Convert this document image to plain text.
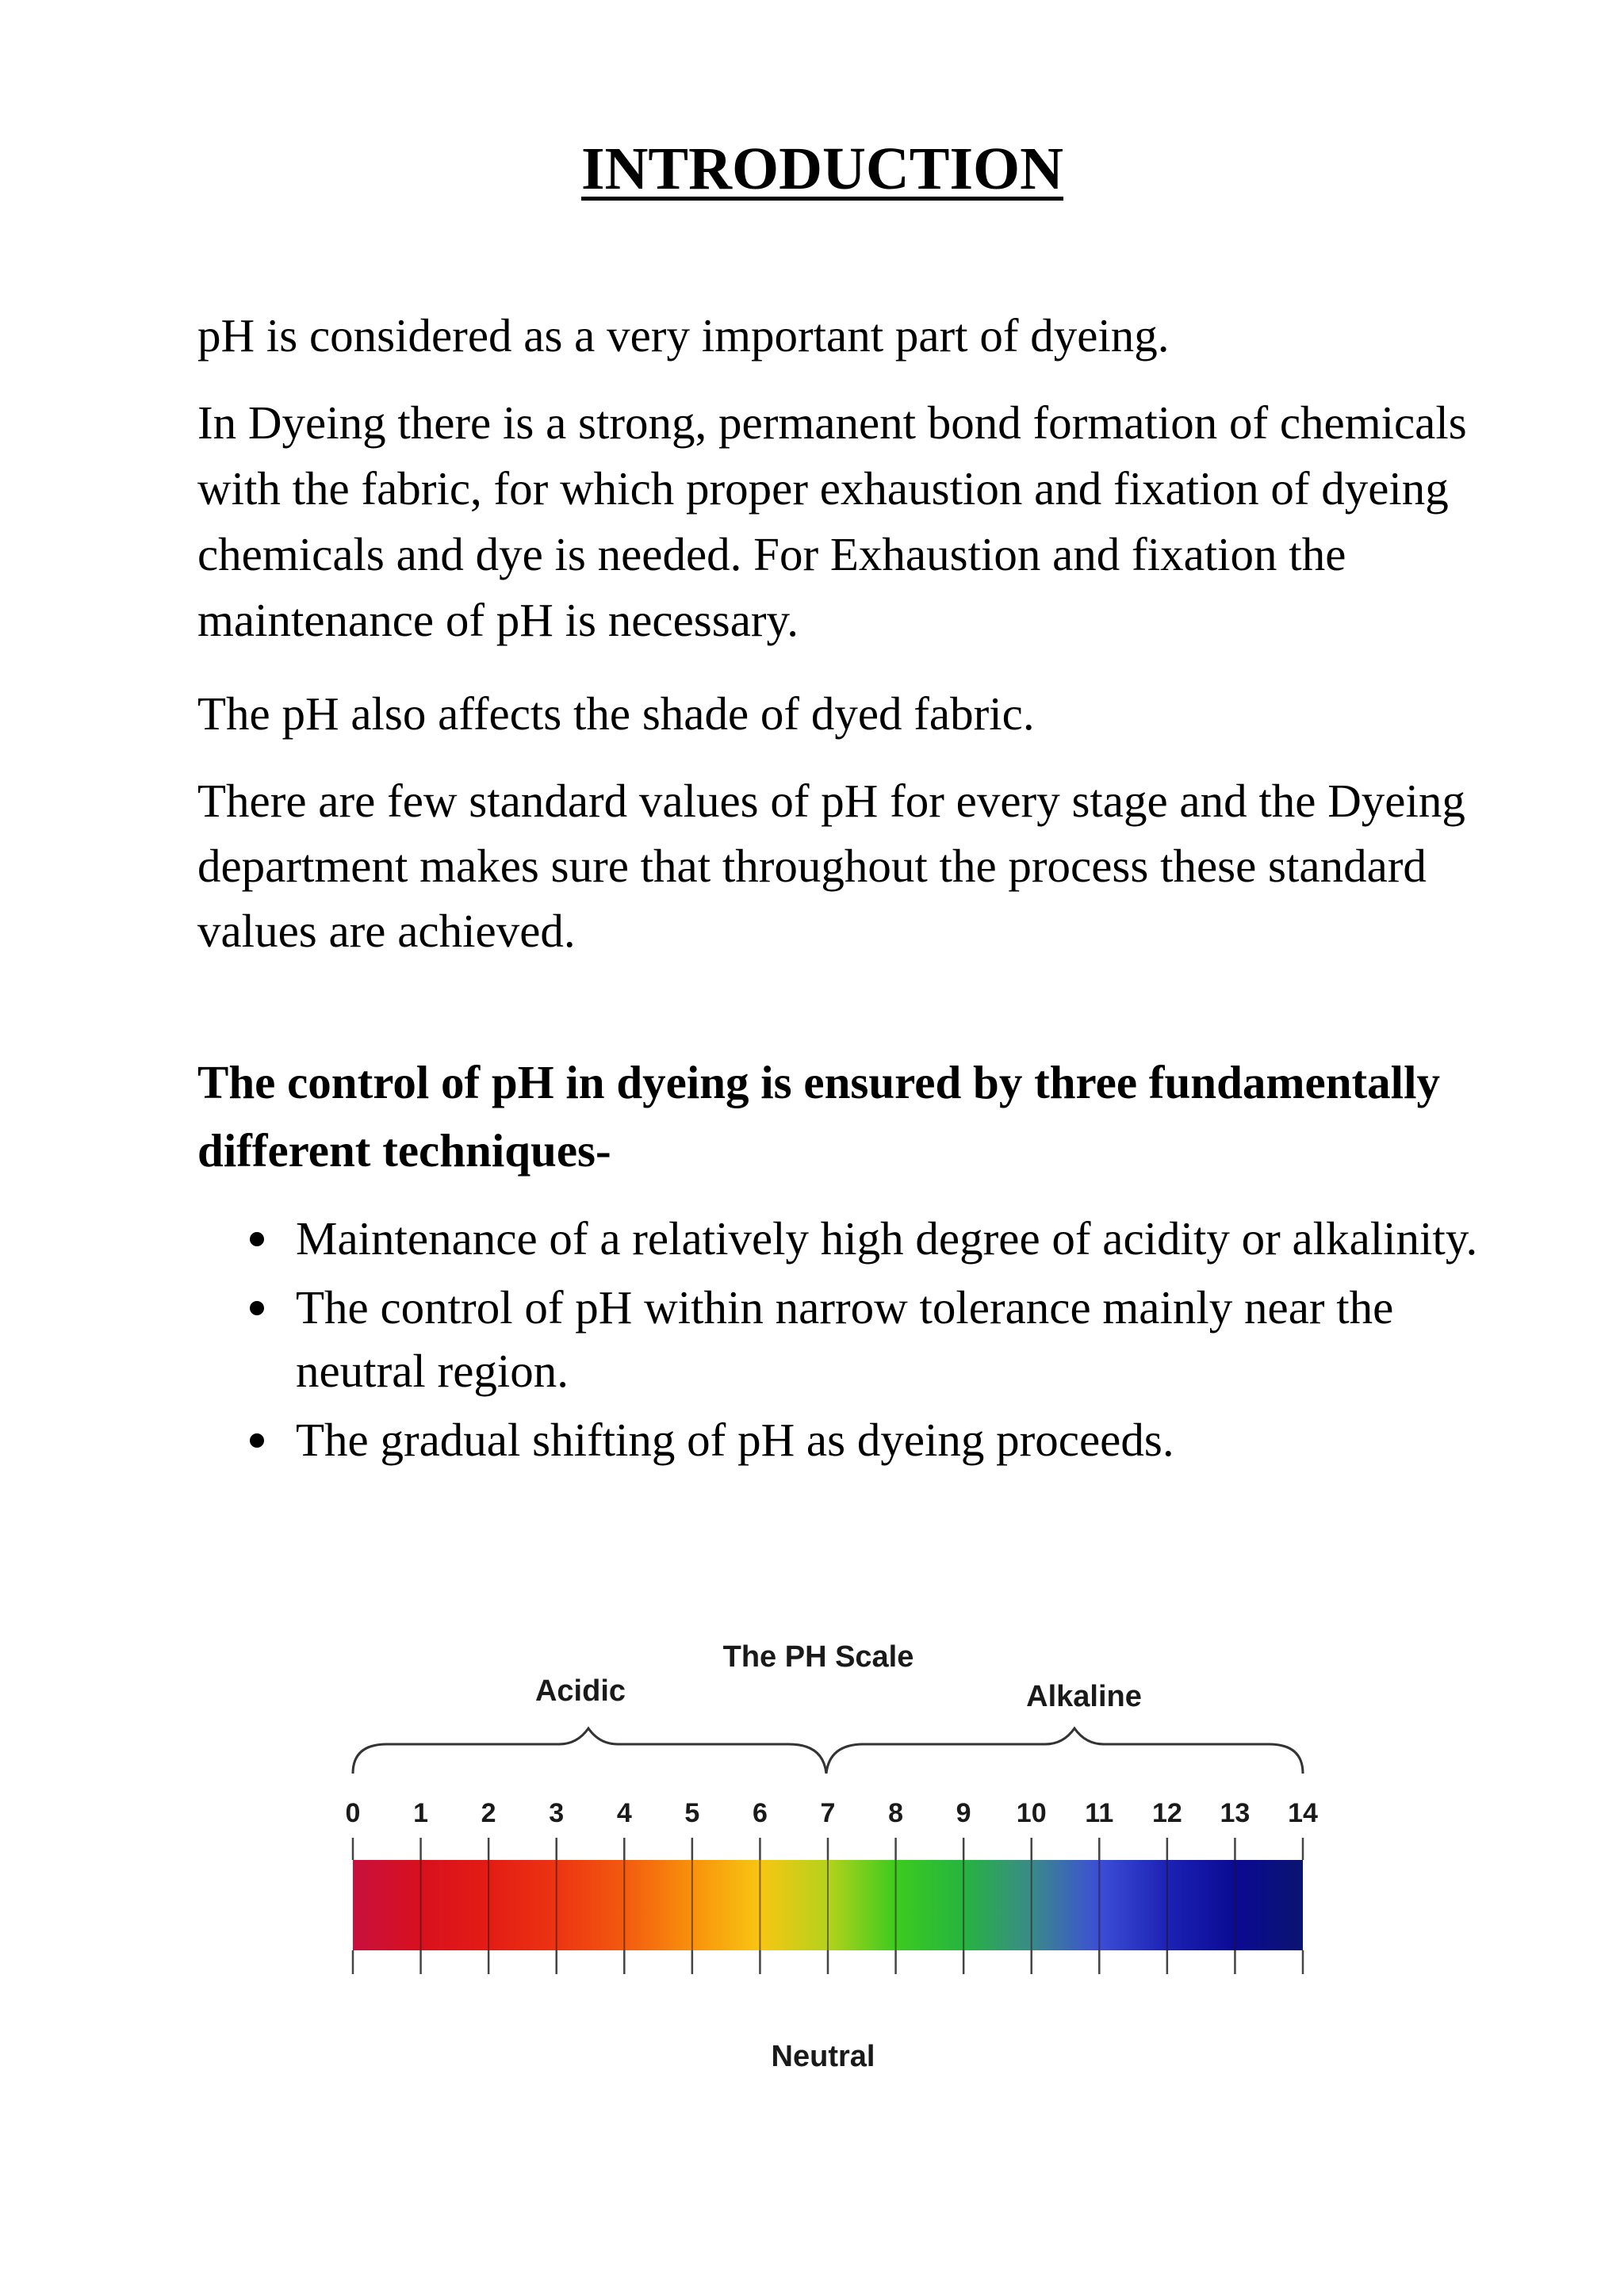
INTRODUCTION

pH is considered as a very important part of dyeing.

In Dyeing there is a strong, permanent bond formation of chemicals with the fabric, for which proper exhaustion and fixation of dyeing chemicals and dye is needed. For Exhaustion and fixation the maintenance of pH is necessary.

The pH also affects the shade of dyed fabric.

There are few standard values of pH for every stage and the Dyeing department makes sure that throughout the process these standard values are achieved.

The control of pH in dyeing is ensured by three fundamentally different techniques-
Maintenance of a relatively high degree of acidity or alkalinity.
The control of pH within narrow tolerance mainly near the neutral region.
The gradual shifting of pH as dyeing proceeds.
The PH Scale
Acidic	Alkaline
0 1 2 3 4 5 6 7 8 9 10 11 12 13 14
Neutral
